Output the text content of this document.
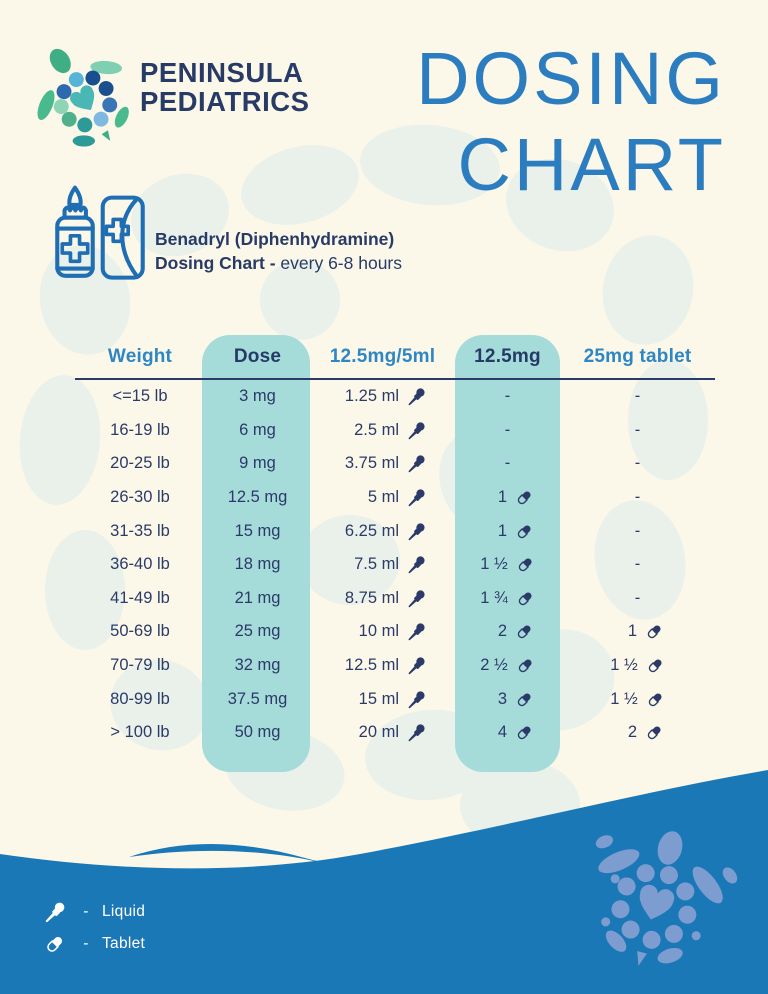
PENINSULA
PEDIATRICS DOSING
CHART
Benadryl (Diphenhydramine)
Dosing Chart - every 6-8 hours
Weight	Dose	12.5mg/5ml	12.5mg	25mg tablet
<=15 lb	3 mg	1.25 ml	-	-
16-19 lb	6 mg	2.5 ml	-	-
20-25 lb	9 mg	3.75 ml	-	-
26-30 lb	12.5 mg	5 ml	1	-
31-35 lb	15 mg	6.25 ml	1	-
36-40 lb	18 mg	7.5 ml	1 ½	-
41-49 lb	21 mg	8.75 ml	1 ¾	-
50-69 lb	25 mg	10 ml	2	1
70-79 lb	32 mg	12.5 ml	2 ½	1 ½
80-99 lb	37.5 mg	15 ml	3	1 ½
> 100 lb	50 mg	20 ml	4	2
- Liquid
- Tablet
